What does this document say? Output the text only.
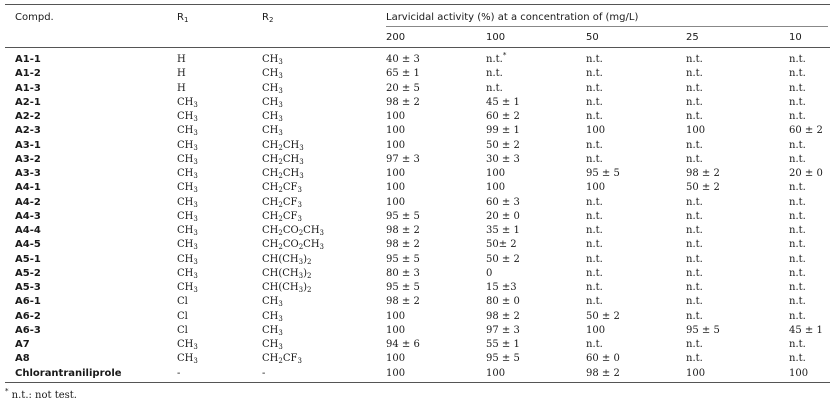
Compd.	$R_1$	$R_2$	Larvicidal activity (%) at a concentration of (mg/L)
200	100	50	25	10
A1-1	H	$CH_3$	40 ± 3	n.t.*	n.t.	n.t.	n.t.
A1-2	H	$CH_3$	65 ± 1	n.t.	n.t.	n.t.	n.t.
A1-3	H	$CH_3$	20 ± 5	n.t.	n.t.	n.t.	n.t.
A2-1	$CH_3$	$CH_3$	98 ± 2	45 ± 1	n.t.	n.t.	n.t.
A2-2	$CH_3$	$CH_3$	100	60 ± 2	n.t.	n.t.	n.t.
A2-3	$CH_3$	$CH_3$	100	99 ± 1	100	100	60 ± 2
A3-1	$CH_3$	$CH_2CH_3$	100	50 ± 2	n.t.	n.t.	n.t.
A3-2	$CH_3$	$CH_2CH_3$	97 ± 3	30 ± 3	n.t.	n.t.	n.t.
A3-3	$CH_3$	$CH_2CH_3$	100	100	95 ± 5	98 ± 2	20 ± 0
A4-1	$CH_3$	$CH_2CF_3$	100	100	100	50 ± 2	n.t.
A4-2	$CH_3$	$CH_2CF_3$	100	60 ± 3	n.t.	n.t.	n.t.
A4-3	$CH_3$	$CH_2CF_3$	95 ± 5	20 ± 0	n.t.	n.t.	n.t.
A4-4	$CH_3$	$CH_2CO_2CH_3$	98 ± 2	35 ± 1	n.t.	n.t.	n.t.
A4-5	$CH_3$	$CH_2CO_2CH_3$	98 ± 2	50± 2	n.t.	n.t.	n.t.
A5-1	$CH_3$	$CH(CH_3)_2$	95 ± 5	50 ± 2	n.t.	n.t.	n.t.
A5-2	$CH_3$	$CH(CH_3)_2$	80 ± 3	0	n.t.	n.t.	n.t.
A5-3	$CH_3$	$CH(CH_3)_2$	95 ± 5	15 ±3	n.t.	n.t.	n.t.
A6-1	Cl	$CH_3$	98 ± 2	80 ± 0	n.t.	n.t.	n.t.
A6-2	Cl	$CH_3$	100	98 ± 2	50 ± 2	n.t.	n.t.
A6-3	Cl	$CH_3$	100	97 ± 3	100	95 ± 5	45 ± 1
A7	$CH_3$	$CH_3$	94 ± 6	55 ± 1	n.t.	n.t.	n.t.
A8	$CH_3$	$CH_2CF_3$	100	95 ± 5	60 ± 0	n.t.	n.t.
Chlorantraniliprole	-	-	100	100	98 ± 2	100	100
* n.t.: not test.
